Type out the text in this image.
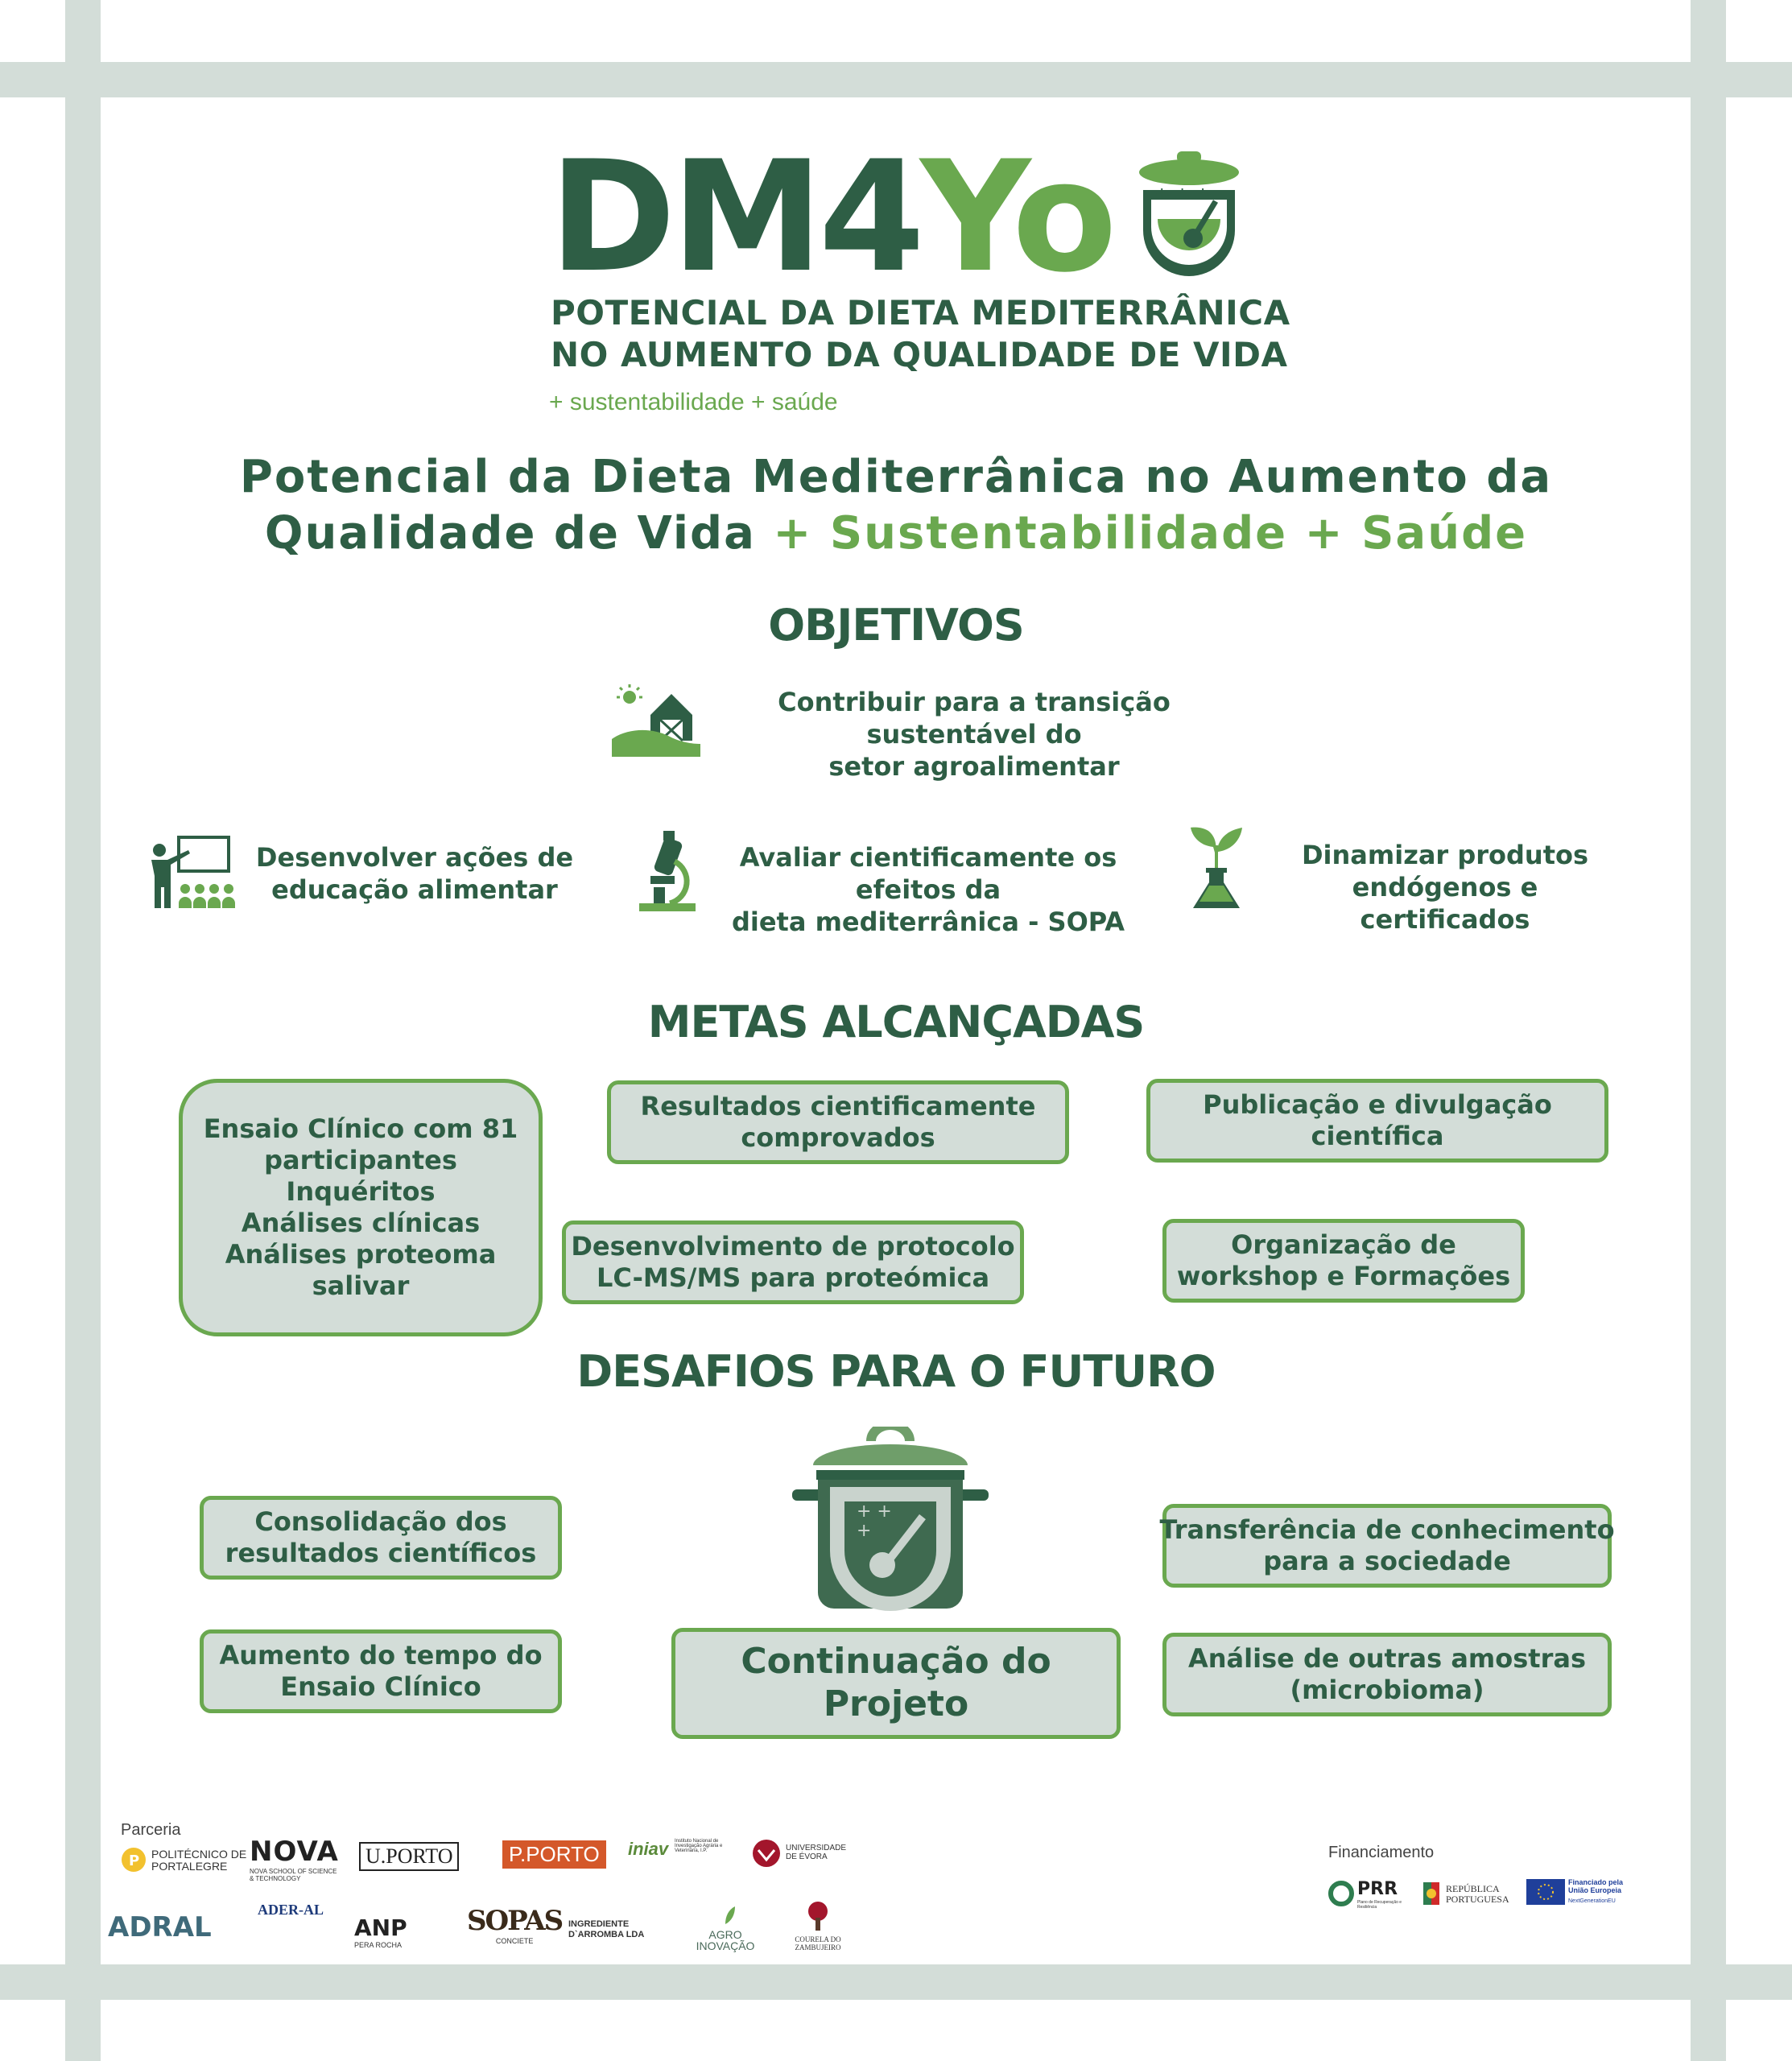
DM4Yo + + +
POTENCIAL DA DIETA MEDITERRÂNICA
NO AUMENTO DA QUALIDADE DE VIDA
+ sustentabilidade + saúde
Potencial da Dieta Mediterrânica no Aumento da
Qualidade de Vida + Sustentabilidade + Saúde
OBJETIVOS
Contribuir para a transição sustentável do
setor agroalimentar
Desenvolver ações de
educação alimentar
Avaliar cientificamente os efeitos da
dieta mediterrânica - SOPA
Dinamizar produtos endógenos e
certificados
METAS ALCANÇADAS
Ensaio Clínico com 81
participantes
Inquéritos
Análises clínicas
Análises proteoma
salivar
Resultados cientificamente
comprovados
Publicação e divulgação
científica
Desenvolvimento de protocolo
LC-MS/MS para proteómica
Organização de
workshop e Formações
DESAFIOS PARA O FUTURO
+ +
+
Consolidação dos
resultados científicos
Aumento do tempo do
Ensaio Clínico
Continuação do
Projeto
Transferência de conhecimento
para a sociedade
Análise de outras amostras
(microbioma)
Parceria
P POLITÉCNICO DE PORTALEGRE NOVA
NOVA SCHOOL OF SCIENCE & TECHNOLOGY
U.PORTO	P.PORTO	iniav	Instituto Nacional de Investigação Agrária e Veterinária, I.P.	UNIVERSIDADE DE ÉVORA
ADRAL
ADER-AL
ANP
PERA ROCHA
SOPAS
CONCIETE
INGREDIENTE D`ARROMBA LDA	AGRO INOVAÇÃO	COURELA DO ZAMBUJEIRO
Financiamento
PRR
Plano de Recuperação e Resiliência
REPÚBLICA PORTUGUESA
Financiado pela União Europeia
NextGenerationEU
